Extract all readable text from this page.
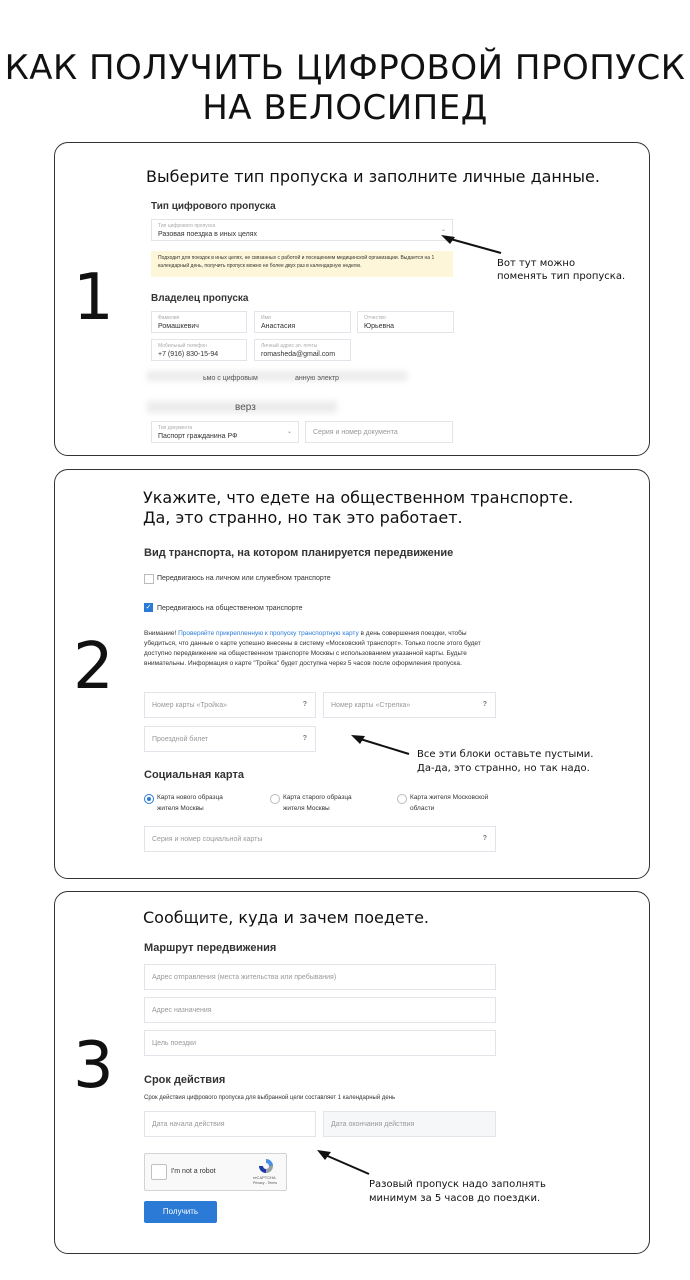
КАК ПОЛУЧИТЬ ЦИФРОВОЙ ПРОПУСК
НА ВЕЛОСИПЕД
1
Выберите тип пропуска и заполните личные данные.
Тип цифрового пропуска
Тип цифрового пропуска
Разовая поездка в иных целях
⌄
Подходит для поездок в иных целях, не связанных с работой и посещением медицинской организации. Выдается на 1 календарный день, получить пропуск можно не более двух раз в календарную неделю.
Владелец пропуска
Фамилия
Ромашкевич
Имя
Анастасия
Отчество
Юрьевна
Мобильный телефон
+7 (916) 830-15-94
Личный адрес эл. почты
romasheda@gmail.com
ьмо с цифровым	анную электр
верз
Тип документа
Паспорт гражданина РФ
⌄	Серия и номер документа
Вот тут можно поменять тип пропуска.
2
Укажите, что едете на общественном транспорте.
Да, это странно, но так это работает.
Вид транспорта, на котором планируется передвижение
Передвигаюсь на личном или служебном транспорте
✓ Передвигаюсь на общественном транспорте
Внимание! Проверяйте прикрепленную к пропуску транспортную карту в день совершения поездки, чтобы убедиться, что данные о карте успешно внесены в систему «Московский транспорт». Только после этого будет доступно передвижение на общественном транспорте Москвы с использованием указанной карты. Будьте внимательны. Информация о карте "Тройка" будет доступна через 5 часов после оформления пропуска.
Номер карты «Тройка»	?	Номер карты «Стрелка»	?
Проездной билет	?
Все эти блоки оставьте пустыми.
Да-да, это странно, но так надо.
Социальная карта
Карта нового образца жителя Москвы
Карта старого образца жителя Москвы
Карта жителя Московской области
Серия и номер социальной карты	?
3
Сообщите, куда и зачем поедете.
Маршрут передвижения
Адрес отправления (места жительства или пребывания)
Адрес назначения
Цель поездки
Срок действия
Срок действия цифрового пропуска для выбранной цели составляет 1 календарный день
Дата начала действия	Дата окончания действия
I'm not a robot
reCAPTCHA
Privacy - Terms
Получить
Разовый пропуск надо заполнять
минимум за 5 часов до поездки.
